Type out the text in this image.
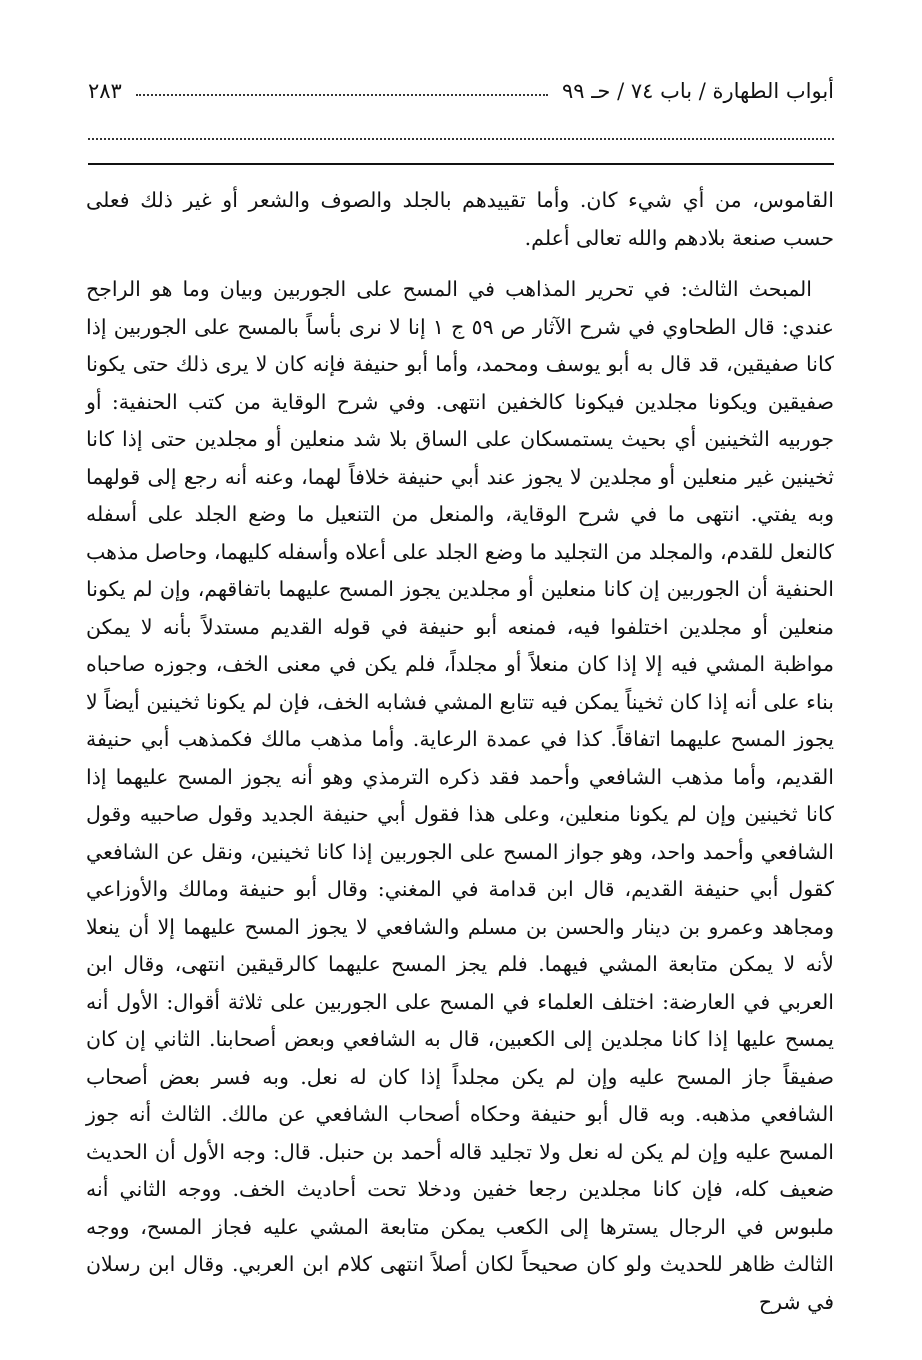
أبواب الطهارة / باب ٧٤ / حـ ٩٩
٢٨٣

القاموس، من أي شيء كان. وأما تقييدهم بالجلد والصوف والشعر أو غير ذلك فعلى حسب صنعة بلادهم والله تعالى أعلم.

المبحث الثالث: في تحرير المذاهب في المسح على الجوربين وبيان وما هو الراجح عندي: قال الطحاوي في شرح الآثار ص ٥٩ ج ١ إنا لا نرى بأساً بالمسح على الجوربين إذا كانا صفيقين، قد قال به أبو يوسف ومحمد، وأما أبو حنيفة فإنه كان لا يرى ذلك حتى يكونا صفيقين ويكونا مجلدين فيكونا كالخفين انتهى. وفي شرح الوقاية من كتب الحنفية: أو جوربيه الثخينين أي بحيث يستمسكان على الساق بلا شد منعلين أو مجلدين حتى إذا كانا ثخينين غير منعلين أو مجلدين لا يجوز عند أبي حنيفة خلافاً لهما، وعنه أنه رجع إلى قولهما وبه يفتي. انتهى ما في شرح الوقاية، والمنعل من التنعيل ما وضع الجلد على أسفله كالنعل للقدم، والمجلد من التجليد ما وضع الجلد على أعلاه وأسفله كليهما، وحاصل مذهب الحنفية أن الجوربين إن كانا منعلين أو مجلدين يجوز المسح عليهما باتفاقهم، وإن لم يكونا منعلين أو مجلدين اختلفوا فيه، فمنعه أبو حنيفة في قوله القديم مستدلاً بأنه لا يمكن مواظبة المشي فيه إلا إذا كان منعلاً أو مجلداً، فلم يكن في معنى الخف، وجوزه صاحباه بناء على أنه إذا كان ثخيناً يمكن فيه تتابع المشي فشابه الخف، فإن لم يكونا ثخينين أيضاً لا يجوز المسح عليهما اتفاقاً. كذا في عمدة الرعاية. وأما مذهب مالك فكمذهب أبي حنيفة القديم، وأما مذهب الشافعي وأحمد فقد ذكره الترمذي وهو أنه يجوز المسح عليهما إذا كانا ثخينين وإن لم يكونا منعلين، وعلى هذا فقول أبي حنيفة الجديد وقول صاحبيه وقول الشافعي وأحمد واحد، وهو جواز المسح على الجوربين إذا كانا ثخينين، ونقل عن الشافعي كقول أبي حنيفة القديم، قال ابن قدامة في المغني: وقال أبو حنيفة ومالك والأوزاعي ومجاهد وعمرو بن دينار والحسن بن مسلم والشافعي لا يجوز المسح عليهما إلا أن ينعلا لأنه لا يمكن متابعة المشي فيهما. فلم يجز المسح عليهما كالرقيقين انتهى، وقال ابن العربي في العارضة: اختلف العلماء في المسح على الجوربين على ثلاثة أقوال: الأول أنه يمسح عليها إذا كانا مجلدين إلى الكعبين، قال به الشافعي وبعض أصحابنا. الثاني إن كان صفيقاً جاز المسح عليه وإن لم يكن مجلداً إذا كان له نعل. وبه فسر بعض أصحاب الشافعي مذهبه. وبه قال أبو حنيفة وحكاه أصحاب الشافعي عن مالك. الثالث أنه جوز المسح عليه وإن لم يكن له نعل ولا تجليد قاله أحمد بن حنبل. قال: وجه الأول أن الحديث ضعيف كله، فإن كانا مجلدين رجعا خفين ودخلا تحت أحاديث الخف. ووجه الثاني أنه ملبوس في الرجال يسترها إلى الكعب يمكن متابعة المشي عليه فجاز المسح، ووجه الثالث ظاهر للحديث ولو كان صحيحاً لكان أصلاً انتهى كلام ابن العربي. وقال ابن رسلان في شرح
